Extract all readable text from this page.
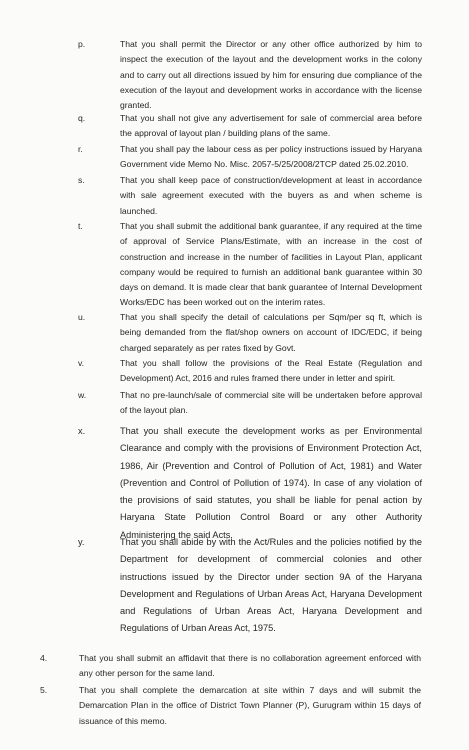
p.	That you shall permit the Director or any other office authorized by him to inspect the execution of the layout and the development works in the colony and to carry out all directions issued by him for ensuring due compliance of the execution of the layout and development works in accordance with the license granted.

q.	That you shall not give any advertisement for sale of commercial area before the approval of layout plan / building plans of the same.

r.	That you shall pay the labour cess as per policy instructions issued by Haryana Government vide Memo No. Misc. 2057-5/25/2008/2TCP dated 25.02.2010.

s.	That you shall keep pace of construction/development at least in accordance with sale agreement executed with the buyers as and when scheme is launched.

t.	That you shall submit the additional bank guarantee, if any required at the time of approval of Service Plans/Estimate, with an increase in the cost of construction and increase in the number of facilities in Layout Plan, applicant company would be required to furnish an additional bank guarantee within 30 days on demand. It is made clear that bank guarantee of Internal Development Works/EDC has been worked out on the interim rates.

u.	That you shall specify the detail of calculations per Sqm/per sq ft, which is being demanded from the flat/shop owners on account of IDC/EDC, if being charged separately as per rates fixed by Govt.

v.	That you shall follow the provisions of the Real Estate (Regulation and Development) Act, 2016 and rules framed there under in letter and spirit.

w.	That no pre-launch/sale of commercial site will be undertaken before approval of the layout plan.

x.	That you shall execute the development works as per Environmental Clearance and comply with the provisions of Environment Protection Act, 1986, Air (Prevention and Control of Pollution of Act, 1981) and Water (Prevention and Control of Pollution of 1974). In case of any violation of the provisions of said statutes, you shall be liable for penal action by Haryana State Pollution Control Board or any other Authority Administering the said Acts.

y.	That you shall abide by with the Act/Rules and the policies notified by the Department for development of commercial colonies and other instructions issued by the Director under section 9A of the Haryana Development and Regulations of Urban Areas Act, Haryana Development and Regulations of Urban Areas Act, Haryana Development and Regulations of Urban Areas Act, 1975.

4.	That you shall submit an affidavit that there is no collaboration agreement enforced with any other person for the same land.

5.	That you shall complete the demarcation at site within 7 days and will submit the Demarcation Plan in the office of District Town Planner (P), Gurugram within 15 days of issuance of this memo.
